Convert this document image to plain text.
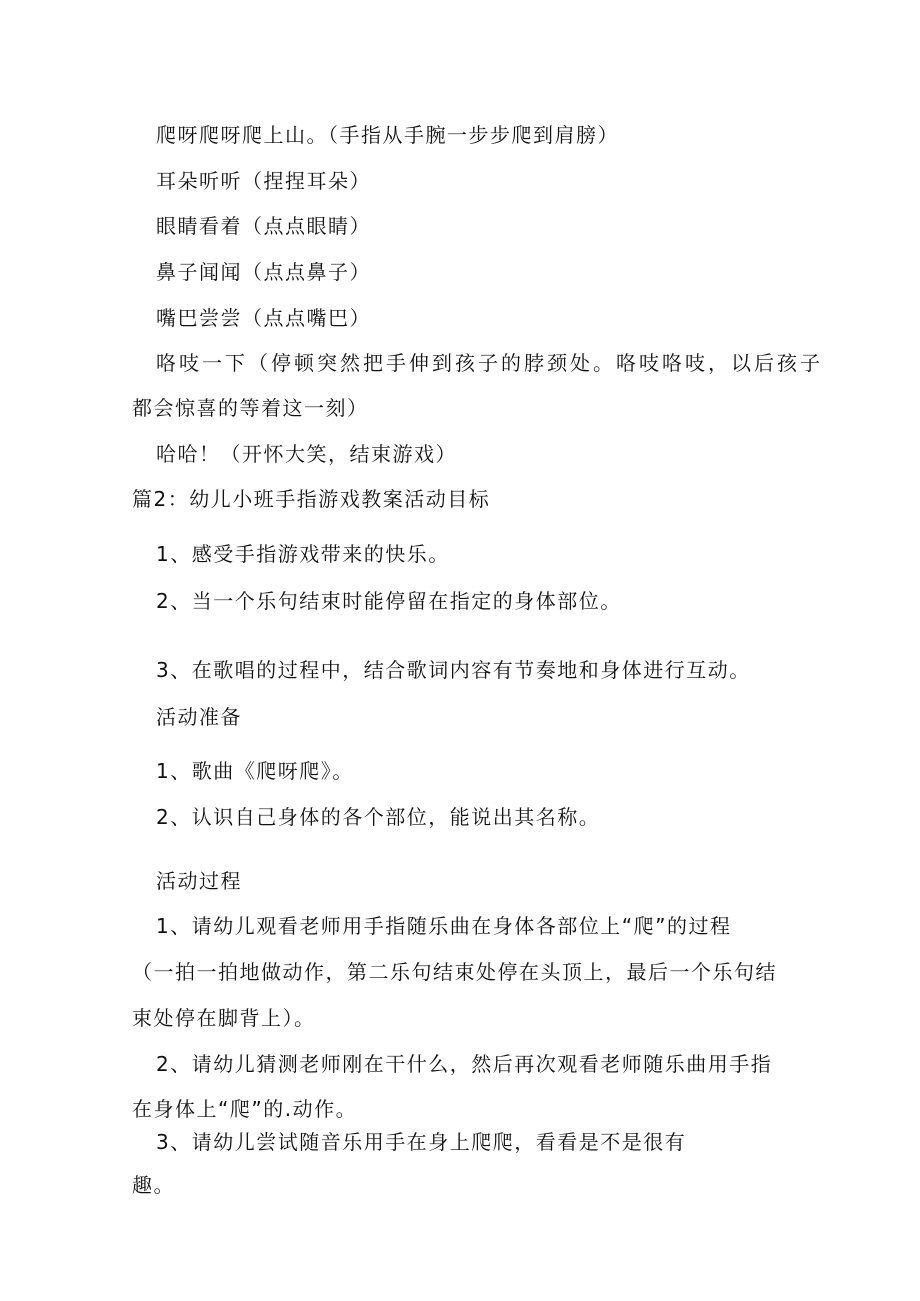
爬呀爬呀爬上山。（手指从手腕一步步爬到肩膀）
耳朵听听（捏捏耳朵）
眼睛看着（点点眼睛）
鼻子闻闻（点点鼻子）
嘴巴尝尝（点点嘴巴）
咯吱一下（停顿突然把手伸到孩子的脖颈处。咯吱咯吱，以后孩子
都会惊喜的等着这一刻）
哈哈！（开怀大笑，结束游戏）
篇2：幼儿小班手指游戏教案活动目标
1、感受手指游戏带来的快乐。
2、当一个乐句结束时能停留在指定的身体部位。
3、在歌唱的过程中，结合歌词内容有节奏地和身体进行互动。
活动准备
1、歌曲《爬呀爬》。
2、认识自己身体的各个部位，能说出其名称。
活动过程
1、请幼儿观看老师用手指随乐曲在身体各部位上“爬”的过程
（一拍一拍地做动作，第二乐句结束处停在头顶上，最后一个乐句结
束处停在脚背上）。
2、请幼儿猜测老师刚在干什么，然后再次观看老师随乐曲用手指
在身体上“爬”的.动作。
3、请幼儿尝试随音乐用手在身上爬爬，看看是不是很有
趣。
